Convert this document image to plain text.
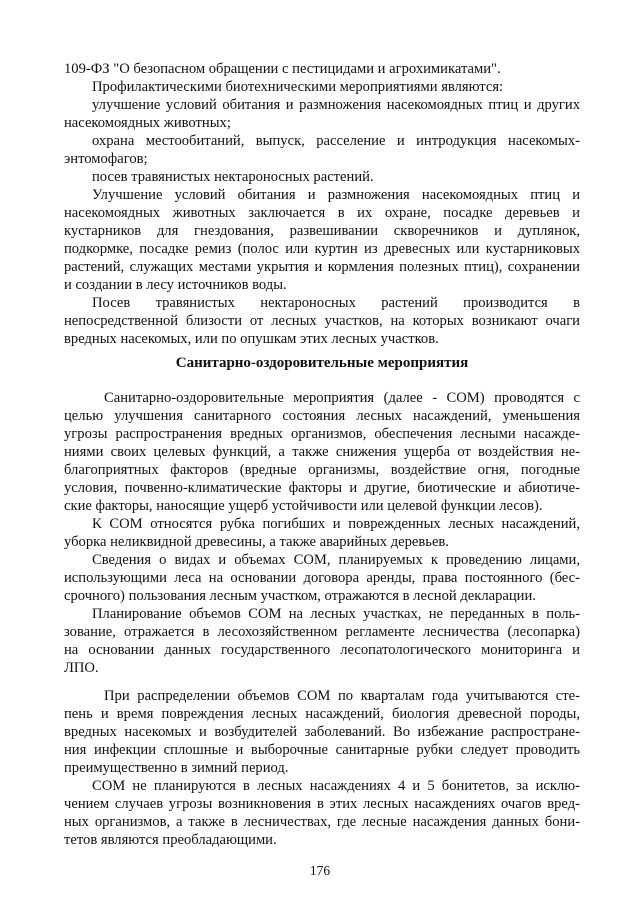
109-ФЗ "О безопасном обращении с пестицидами и агрохимикатами".
Профилактическими биотехническими мероприятиями являются:
улучшение условий обитания и размножения насекомоядных птиц и других
насекомоядных животных;
охрана местообитаний, выпуск, расселение и интродукция насекомых-
энтомофагов;
посев травянистых нектароносных растений.
Улучшение условий обитания и размножения насекомоядных птиц и
насекомоядных животных заключается в их охране, посадке деревьев и
кустарников для гнездования, развешивании скворечников и дуплянок,
подкормке, посадке ремиз (полос или куртин из древесных или кустарниковых
растений, служащих местами укрытия и кормления полезных птиц), сохранении
и создании в лесу источников воды.
Посев травянистых нектароносных растений производится в
непосредственной близости от лесных участков, на которых возникают очаги
вредных насекомых, или по опушкам этих лесных участков.
Санитарно-оздоровительные мероприятия
Санитарно-оздоровительные мероприятия (далее - СОМ) проводятся с
целью улучшения санитарного состояния лесных насаждений, уменьшения
угрозы распространения вредных организмов, обеспечения лесными насажде-
ниями своих целевых функций, а также снижения ущерба от воздействия не-
благоприятных факторов (вредные организмы, воздействие огня, погодные
условия, почвенно-климатические факторы и другие, биотические и абиотиче-
ские факторы, наносящие ущерб устойчивости или целевой функции лесов).
К СОМ относятся рубка погибших и поврежденных лесных насаждений,
уборка неликвидной древесины, а также аварийных деревьев.
Сведения о видах и объемах СОМ, планируемых к проведению лицами,
использующими леса на основании договора аренды, права постоянного (бес-
срочного) пользования лесным участком, отражаются в лесной декларации.
Планирование объемов СОМ на лесных участках, не переданных в поль-
зование, отражается в лесохозяйственном регламенте лесничества (лесопарка)
на основании данных государственного лесопатологического мониторинга и
ЛПО.
При распределении объемов СОМ по кварталам года учитываются сте-
пень и время повреждения лесных насаждений, биология древесной породы,
вредных насекомых и возбудителей заболеваний. Во избежание распростране-
ния инфекции сплошные и выборочные санитарные рубки следует проводить
преимущественно в зимний период.
СОМ не планируются в лесных насаждениях 4 и 5 бонитетов, за исклю-
чением случаев угрозы возникновения в этих лесных насаждениях очагов вред-
ных организмов, а также в лесничествах, где лесные насаждения данных бони-
тетов являются преобладающими.
176
